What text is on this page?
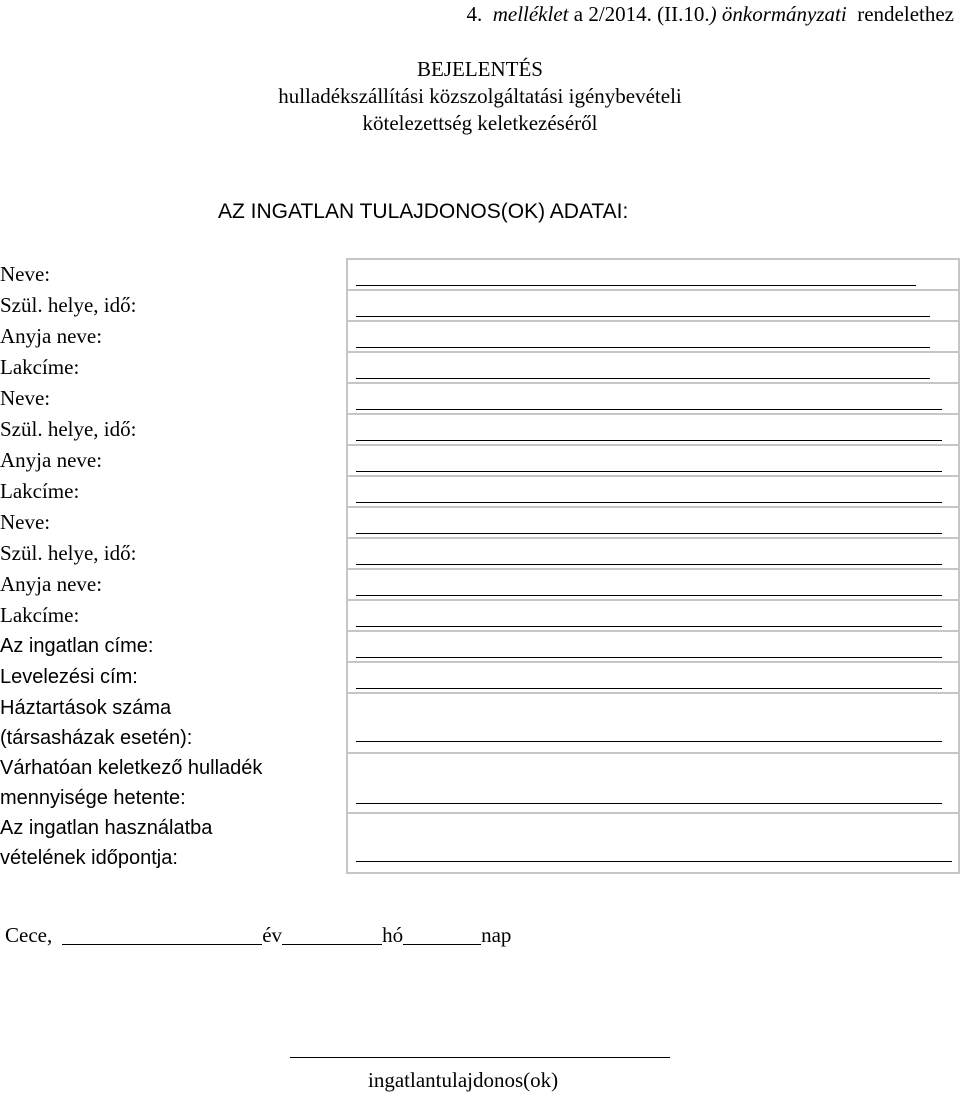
4. melléklet a 2/2014. (II.10.) önkormányzati rendelethez
BEJELENTÉS
hulladékszállítási közszolgáltatási igénybevételi
kötelezettség keletkezéséről
AZ INGATLAN TULAJDONOS(OK) ADATAI:
Neve:	

Szül. helye, idő:	

Anyja neve:	

Lakcíme:	

Neve:	

Szül. helye, idő:	

Anyja neve:	

Lakcíme:	

Neve:	

Szül. helye, idő:	

Anyja neve:	

Lakcíme:	

Az ingatlan címe:	

Levelezési cím:	

Háztartások száma
(társasházak esetén):	

Várhatóan keletkező hulladék
mennyisége hetente:	

Az ingatlan használatba
vételének időpontja:	

Cece,	év	hó	nap
ingatlantulajdonos(ok)
